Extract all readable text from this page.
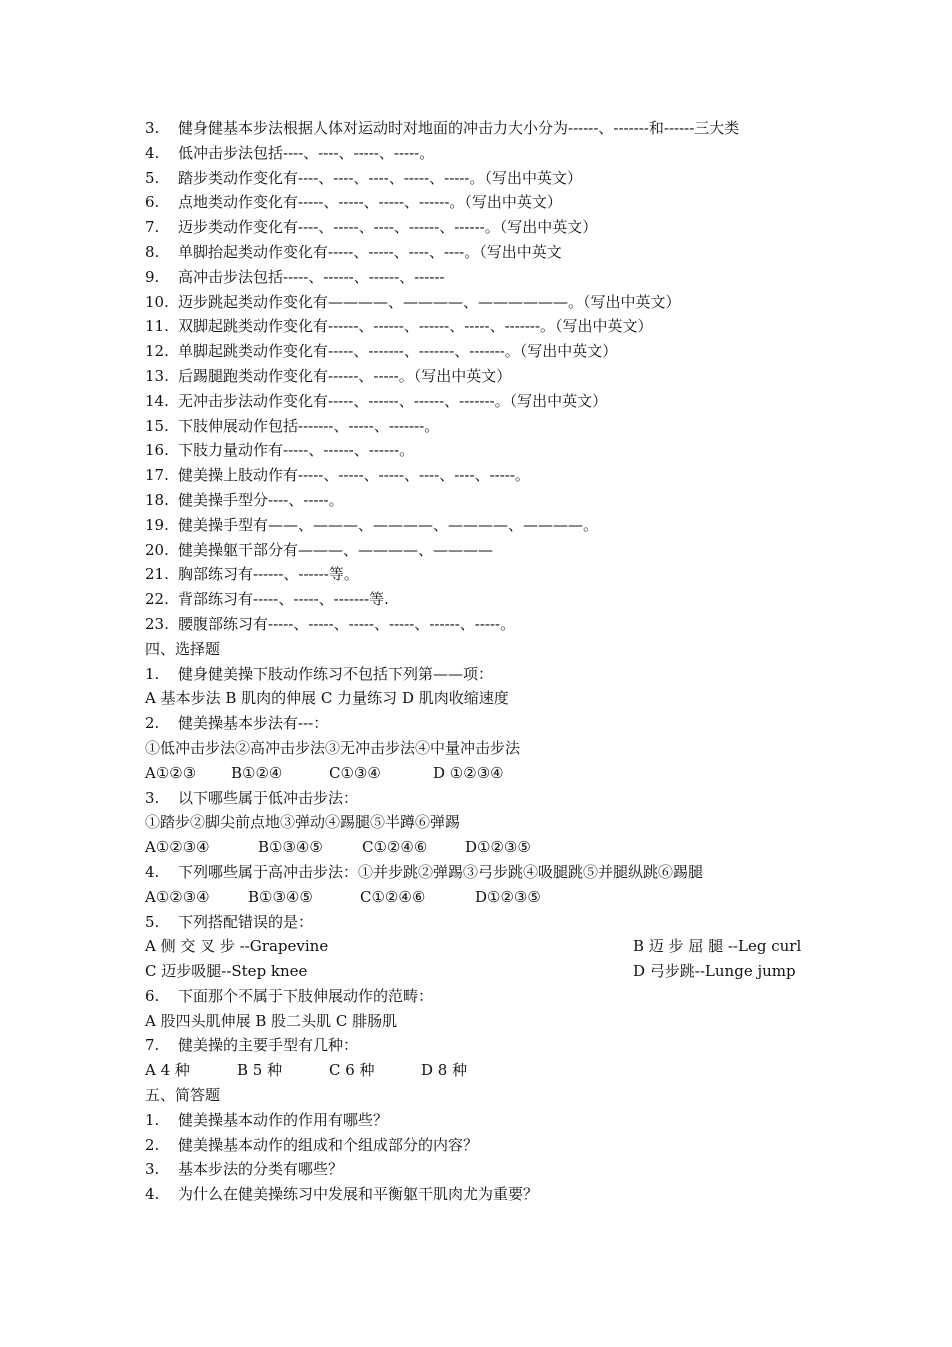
3. 健身健基本步法根据人体对运动时对地面的冲击力大小分为------、-------和------三大类
4. 低冲击步法包括----、----、-----、-----。
5. 踏步类动作变化有----、----、----、-----、-----。（写出中英文）
6. 点地类动作变化有-----、-----、-----、------。（写出中英文）
7. 迈步类动作变化有----、-----、----、------、------。（写出中英文）
8. 单脚抬起类动作变化有-----、-----、----、----。（写出中英文
9. 高冲击步法包括-----、------、------、------
10. 迈步跳起类动作变化有————、————、——————。（写出中英文）
11. 双脚起跳类动作变化有------、------、------、-----、-------。（写出中英文）
12. 单脚起跳类动作变化有-----、-------、-------、-------。（写出中英文）
13. 后踢腿跑类动作变化有------、-----。（写出中英文）
14. 无冲击步法动作变化有-----、------、------、-------。（写出中英文）
15. 下肢伸展动作包括-------、-----、-------。
16. 下肢力量动作有-----、------、------。
17. 健美操上肢动作有-----、-----、-----、----、----、-----。
18. 健美操手型分----、-----。
19. 健美操手型有——、———、————、————、————。
20. 健美操躯干部分有———、————、————
21. 胸部练习有------、------等。
22. 背部练习有-----、-----、-------等.
23. 腰腹部练习有-----、-----、-----、-----、------、-----。
四、选择题
1. 健身健美操下肢动作练习不包括下列第——项：
A 基本步法 B 肌肉的伸展 C 力量练习 D 肌肉收缩速度
2. 健美操基本步法有---：
①低冲击步法②高冲击步法③无冲击步法④中量冲击步法
A①②③ B①②④	C①③④	D ①②③④
3. 以下哪些属于低冲击步法：
①踏步②脚尖前点地③弹动④踢腿⑤半蹲⑥弹踢
A①②③④	B①③④⑤	C①②④⑥	D①②③⑤
4. 下列哪些属于高冲击步法：①并步跳②弹踢③弓步跳④吸腿跳⑤并腿纵跳⑥踢腿
A①②③④	B①③④⑤	C①②④⑥	D①②③⑤
5. 下列搭配错误的是：
A 侧 交 叉 步 --Grapevine	B 迈 步 屈 腿 --Leg curl
C 迈步吸腿--Step knee	D 弓步跳--Lunge jump
6. 下面那个不属于下肢伸展动作的范畴：
A 股四头肌伸展 B 股二头肌 C 腓肠肌
7. 健美操的主要手型有几种：
A 4 种	B 5 种	C 6 种	D 8 种
五、简答题
1. 健美操基本动作的作用有哪些？
2. 健美操基本动作的组成和个组成部分的内容？
3. 基本步法的分类有哪些？
4. 为什么在健美操练习中发展和平衡躯干肌肉尤为重要？
